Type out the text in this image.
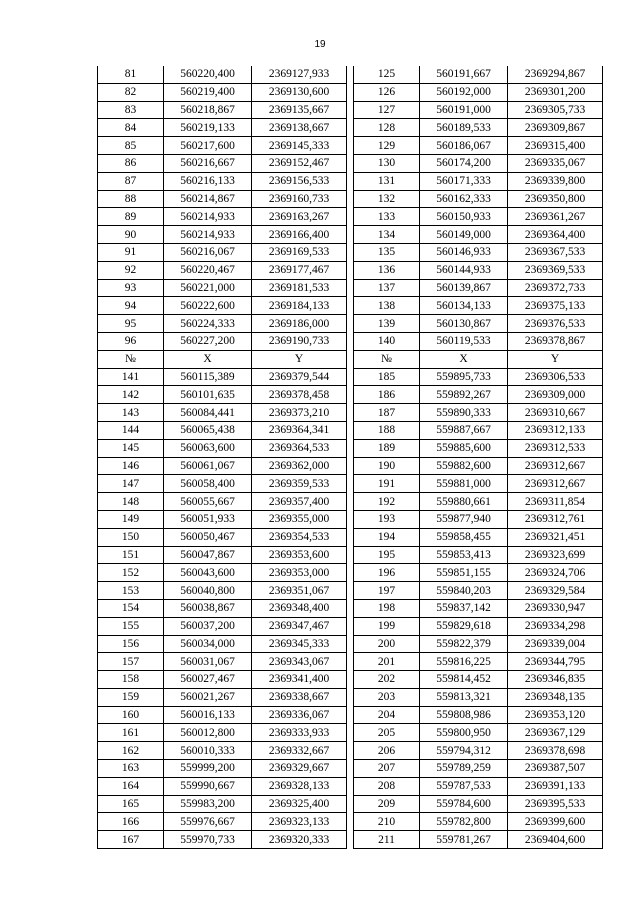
19
81	560220,400	2369127,933		125	560191,667	2369294,867
82	560219,400	2369130,600		126	560192,000	2369301,200
83	560218,867	2369135,667		127	560191,000	2369305,733
84	560219,133	2369138,667		128	560189,533	2369309,867
85	560217,600	2369145,333		129	560186,067	2369315,400
86	560216,667	2369152,467		130	560174,200	2369335,067
87	560216,133	2369156,533		131	560171,333	2369339,800
88	560214,867	2369160,733		132	560162,333	2369350,800
89	560214,933	2369163,267		133	560150,933	2369361,267
90	560214,933	2369166,400		134	560149,000	2369364,400
91	560216,067	2369169,533		135	560146,933	2369367,533
92	560220,467	2369177,467		136	560144,933	2369369,533
93	560221,000	2369181,533		137	560139,867	2369372,733
94	560222,600	2369184,133		138	560134,133	2369375,133
95	560224,333	2369186,000		139	560130,867	2369376,533
96	560227,200	2369190,733		140	560119,533	2369378,867
№	X	Y		№	X	Y
141	560115,389	2369379,544		185	559895,733	2369306,533
142	560101,635	2369378,458		186	559892,267	2369309,000
143	560084,441	2369373,210		187	559890,333	2369310,667
144	560065,438	2369364,341		188	559887,667	2369312,133
145	560063,600	2369364,533		189	559885,600	2369312,533
146	560061,067	2369362,000		190	559882,600	2369312,667
147	560058,400	2369359,533		191	559881,000	2369312,667
148	560055,667	2369357,400		192	559880,661	2369311,854
149	560051,933	2369355,000		193	559877,940	2369312,761
150	560050,467	2369354,533		194	559858,455	2369321,451
151	560047,867	2369353,600		195	559853,413	2369323,699
152	560043,600	2369353,000		196	559851,155	2369324,706
153	560040,800	2369351,067		197	559840,203	2369329,584
154	560038,867	2369348,400		198	559837,142	2369330,947
155	560037,200	2369347,467		199	559829,618	2369334,298
156	560034,000	2369345,333		200	559822,379	2369339,004
157	560031,067	2369343,067		201	559816,225	2369344,795
158	560027,467	2369341,400		202	559814,452	2369346,835
159	560021,267	2369338,667		203	559813,321	2369348,135
160	560016,133	2369336,067		204	559808,986	2369353,120
161	560012,800	2369333,933		205	559800,950	2369367,129
162	560010,333	2369332,667		206	559794,312	2369378,698
163	559999,200	2369329,667		207	559789,259	2369387,507
164	559990,667	2369328,133		208	559787,533	2369391,133
165	559983,200	2369325,400		209	559784,600	2369395,533
166	559976,667	2369323,133		210	559782,800	2369399,600
167	559970,733	2369320,333		211	559781,267	2369404,600
